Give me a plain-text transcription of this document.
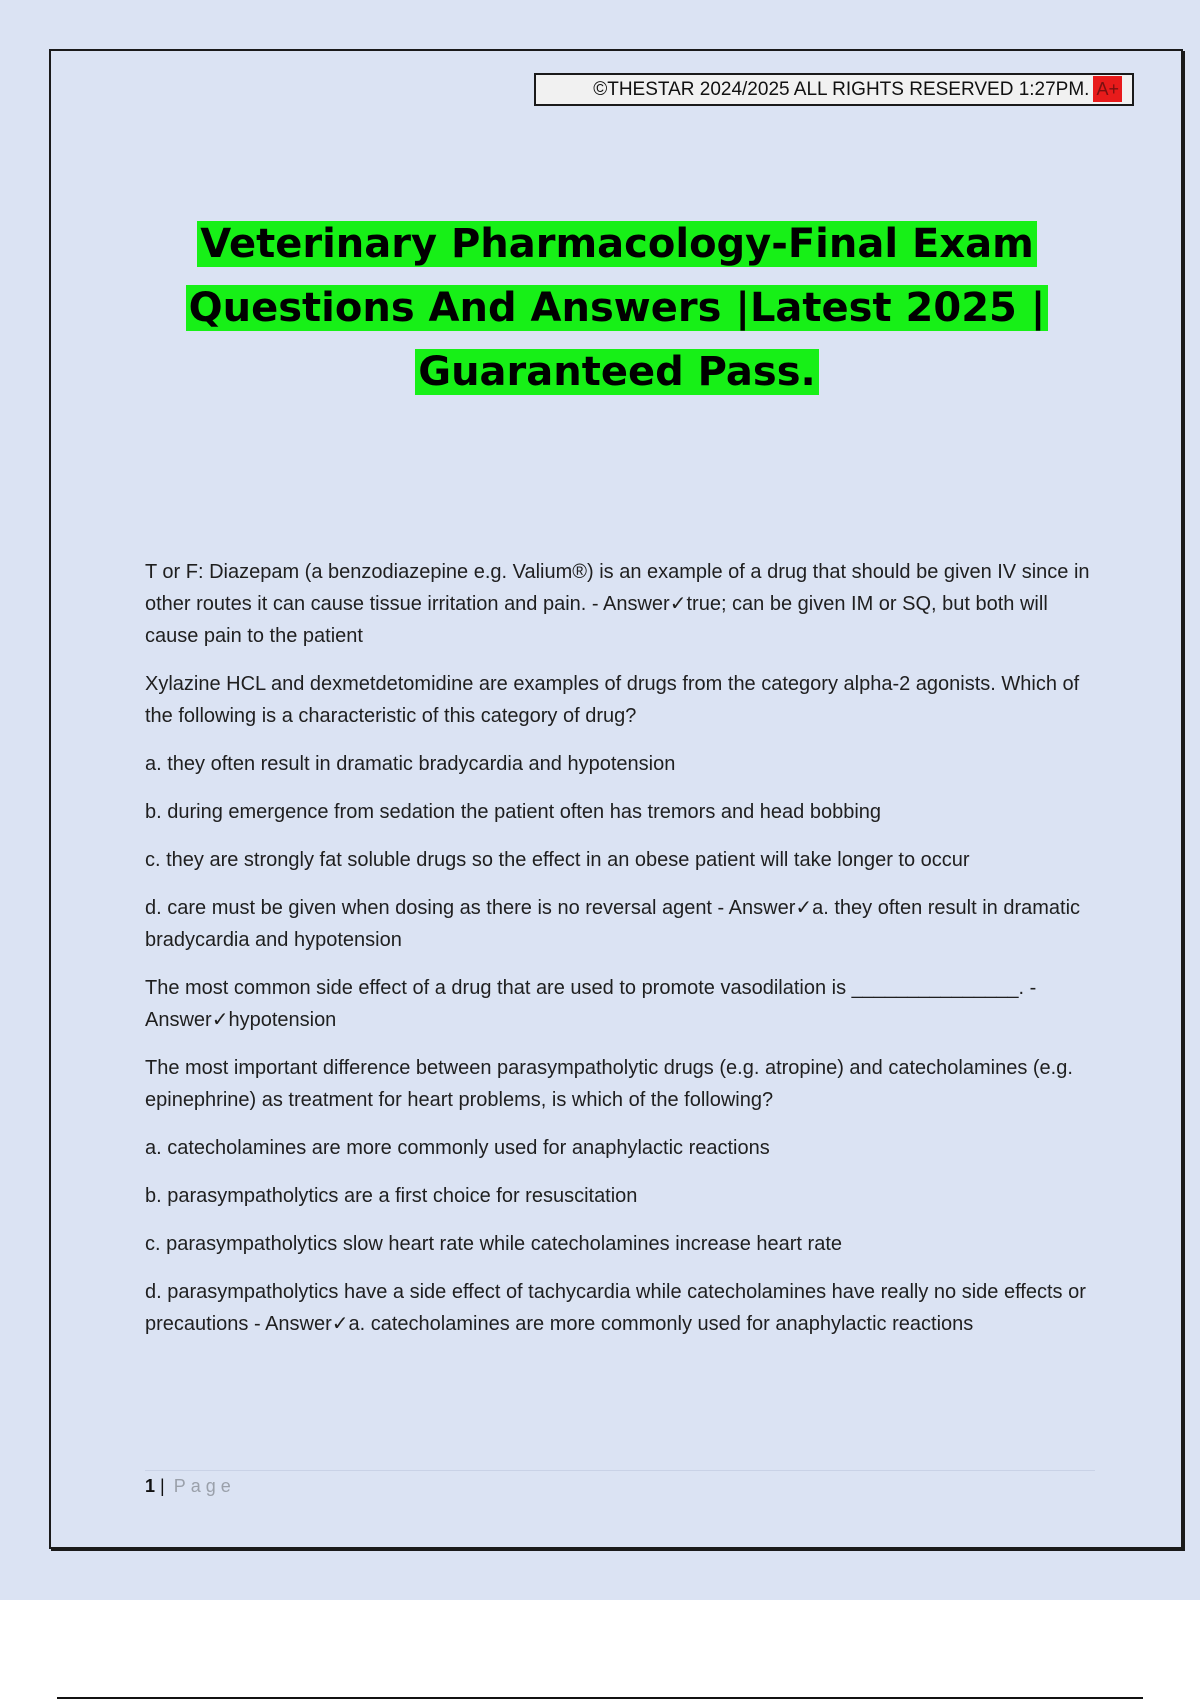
©THESTAR 2024/2025 ALL RIGHTS RESERVED 1:27PM. A+
Veterinary Pharmacology-Final Exam
Questions And Answers |Latest 2025 |
Guaranteed Pass.

T or F: Diazepam (a benzodiazepine e.g. Valium®) is an example of a drug that should be given IV since in other routes it can cause tissue irritation and pain. - Answer✓true; can be given IM or SQ, but both will cause pain to the patient

Xylazine HCL and dexmetdetomidine are examples of drugs from the category alpha-2 agonists. Which of the following is a characteristic of this category of drug?

a. they often result in dramatic bradycardia and hypotension

b. during emergence from sedation the patient often has tremors and head bobbing

c. they are strongly fat soluble drugs so the effect in an obese patient will take longer to occur

d. care must be given when dosing as there is no reversal agent - Answer✓a. they often result in dramatic bradycardia and hypotension

The most common side effect of a drug that are used to promote vasodilation is _______________. - Answer✓hypotension

The most important difference between parasympatholytic drugs (e.g. atropine) and catecholamines (e.g. epinephrine) as treatment for heart problems, is which of the following?

a. catecholamines are more commonly used for anaphylactic reactions

b. parasympatholytics are a first choice for resuscitation

c. parasympatholytics slow heart rate while catecholamines increase heart rate

d. parasympatholytics have a side effect of tachycardia while catecholamines have really no side effects or precautions - Answer✓a. catecholamines are more commonly used for anaphylactic reactions

1 | Page
